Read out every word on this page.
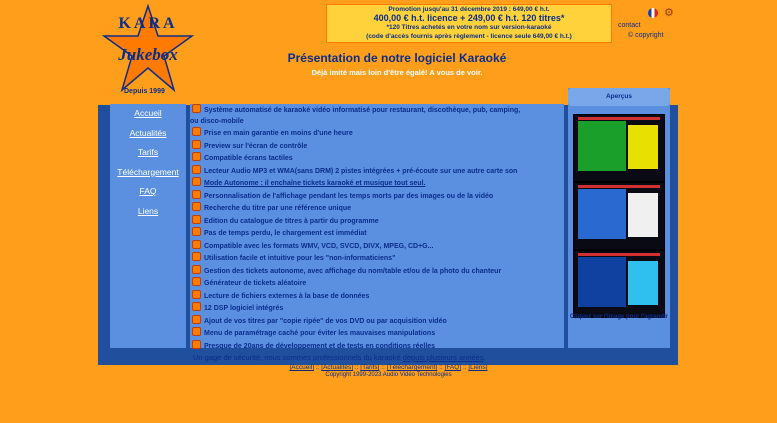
KARA
Jukebox
Depuis 1999
Promotion jusqu'au 31 décembre 2019 : 649,00 € h.t.
400,00 € h.t. licence + 249,00 € h.t. 120 titres*
*120 Titres achetés en votre nom sur version-karaoké
(code d'accès fournis après règlement - licence seule 649,00 € h.t.)
⚙
contact
© copyright
Présentation de notre logiciel Karaoké
Déjà imité mais loin d'être égalé! A vous de voir.
Accueil
Actualités
Tarifs
Téléchargement
FAQ
Liens
Système automatisé de karaoké vidéo informatisé pour restaurant, discothèque, pub, camping,
ou disco-mobile
Prise en main garantie en moins d'une heure
Preview sur l'écran de contrôle
Compatible écrans tactiles
Lecteur Audio MP3 et WMA(sans DRM) 2 pistes intégrées + pré-écoute sur une autre carte son
Mode Autonome : il enchaîne tickets karaoké et musique tout seul.
Personnalisation de l'affichage pendant les temps morts par des images ou de la vidéo
Recherche du titre par une référence unique
Edition du catalogue de titres à partir du programme
Pas de temps perdu, le chargement est immédiat
Compatible avec les formats WMV, VCD, SVCD, DIVX, MPEG, CD+G...
Utilisation facile et intuitive pour les "non-informaticiens"
Gestion des tickets autonome, avec affichage du nom/table et/ou de la photo du chanteur
Générateur de tickets aléatoire
Lecture de fichiers externes à la base de données
12 DSP logiciel intégrés
Ajout de vos titres par "copie ripée" de vos DVD ou par acquisition vidéo
Menu de paramétrage caché pour éviter les mauvaises manipulations
Presque de 20ans de développement et de tests en conditions réelles
Un gage de sécurité, nous sommes professionnels du karaoké depuis plusieurs années.
Aperçus
Cliquez sur l'image pour l'agrandir
[Accueil] :: [Actualités] :: [Tarifs] :: [Téléchargement] :: [FAQ] :: [Liens]
Copyright 1999-2023 Audio Vidéo Technologies
